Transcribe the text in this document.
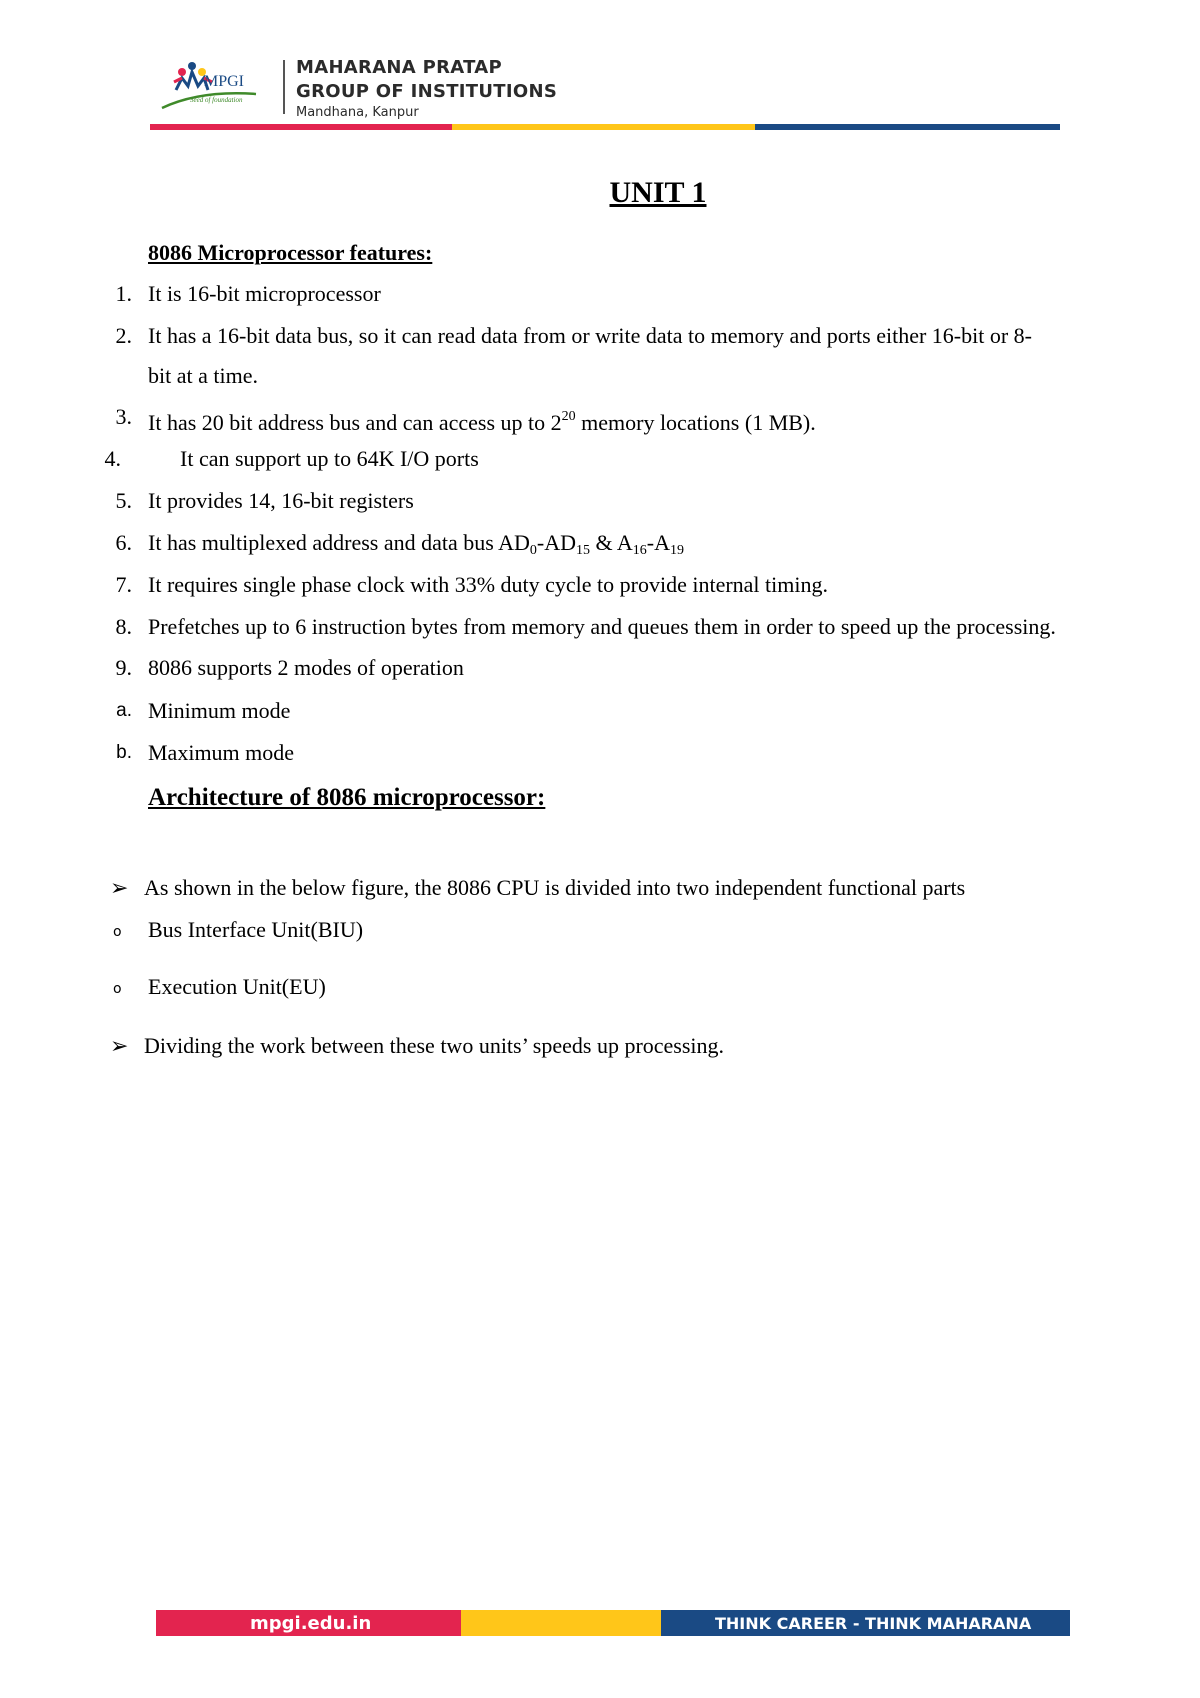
MPGI
Seed of foundation
MAHARANA PRATAP
GROUP OF INSTITUTIONS
Mandhana, Kanpur
UNIT 1
8086 Microprocessor features:
1. It is 16-bit microprocessor
2. It has a 16-bit data bus, so it can read data from or write data to memory and ports either 16-bit or 8-
bit at a time.
3. It has 20 bit address bus and can access up to $2^{20}$ memory locations (1 MB).
4.	It can support up to 64K I/O ports
5. It provides 14, 16-bit registers
6. It has multiplexed address and data bus $AD_0-AD_{15}$ & $A_{16}-A_{19}$
7. It requires single phase clock with 33% duty cycle to provide internal timing.
8. Prefetches up to 6 instruction bytes from memory and queues them in order to speed up the processing.
9. 8086 supports 2 modes of operation
a. Minimum mode
b. Maximum mode
Architecture of 8086 microprocessor:
➢ As shown in the below figure, the 8086 CPU is divided into two independent functional parts
o Bus Interface Unit(BIU)
o Execution Unit(EU)
➢ Dividing the work between these two units’ speeds up processing.
mpgi.edu.in	THINK CAREER - THINK MAHARANA
